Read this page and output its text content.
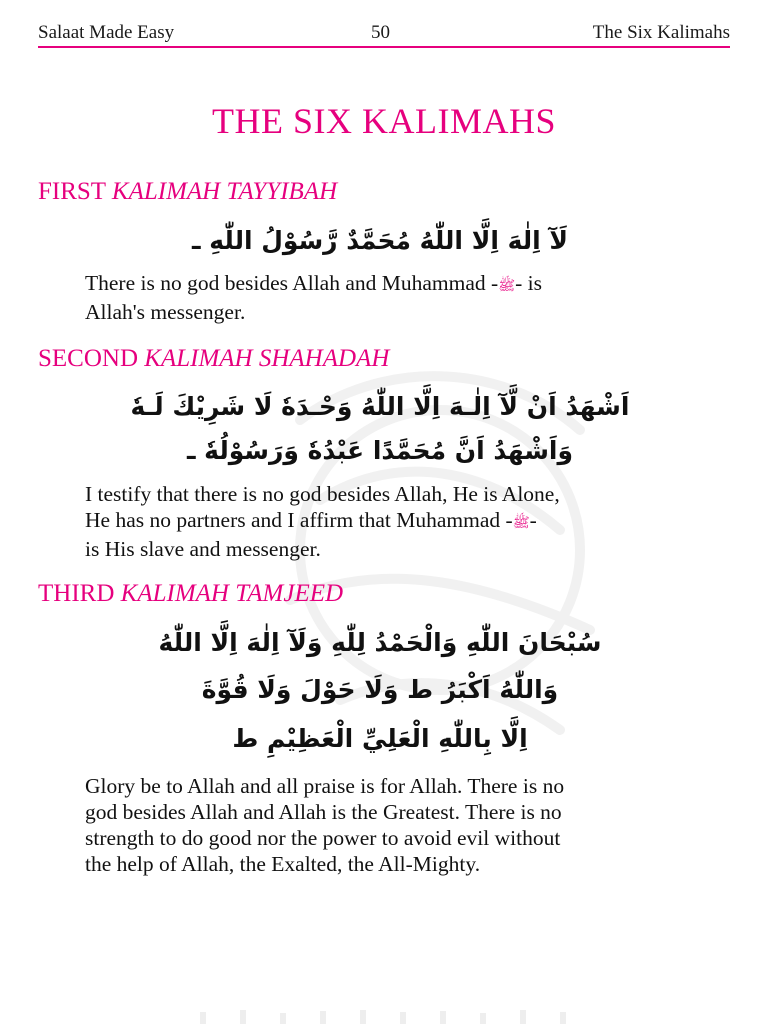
Salaat Made Easy	50	The Six Kalimahs
THE SIX KALIMAHS
FIRST KALIMAH TAYYIBAH
لَآ اِلٰهَ اِلَّا اللّٰهُ مُحَمَّدٌ رَّسُوْلُ اللّٰهِ ـ
There is no god besides Allah and Muhammad -ﷺ- is
Allah's messenger.
SECOND KALIMAH SHAHADAH
اَشْهَدُ اَنْ لَّآ اِلٰـهَ اِلَّا اللّٰهُ وَحْـدَهٗ لَا شَرِيْكَ لَـهٗ
وَاَشْهَدُ اَنَّ مُحَمَّدًا عَبْدُهٗ وَرَسُوْلُهٗ ـ
I testify that there is no god besides Allah, He is Alone,
He has no partners and I affirm that Muhammad -ﷺ-
is His slave and messenger.
THIRD KALIMAH TAMJEED
سُبْحَانَ اللّٰهِ وَالْحَمْدُ لِلّٰهِ وَلَآ اِلٰهَ اِلَّا اللّٰهُ
وَاللّٰهُ اَكْبَرُ ط وَلَا حَوْلَ وَلَا قُوَّةَ
اِلَّا بِاللّٰهِ الْعَلِيِّ الْعَظِيْمِ ط
Glory be to Allah and all praise is for Allah. There is no
god besides Allah and Allah is the Greatest. There is no
strength to do good nor the power to avoid evil without
the help of Allah, the Exalted, the All-Mighty.
